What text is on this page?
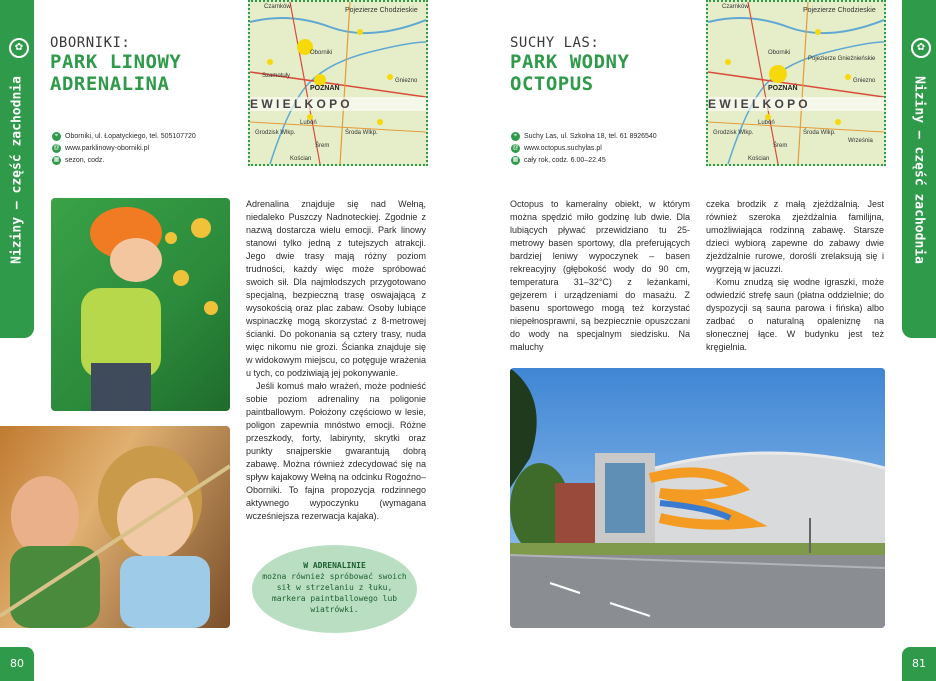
✿
Niziny – część zachodnia
80
OBORNIKI:
PARK LINOWY
ADRENALINA
⌖ Oborniki, ul. Łopatyckiego, tel. 505107720
@ www.parklinowy-oborniki.pl
▦ sezon, codz.
Czarnków	Pojezierze Chodzieskie
Oborniki
Szamotuły
POZNAŃ
Gniezno
E W I E L K O P O
Luboń
Grodzisk Wlkp.	Środa Wlkp.
Śrem
Kościan

Adrenalina znajduje się nad Wełną, niedaleko Puszczy Nadnoteckiej. Zgodnie z nazwą dostarcza wielu emocji. Park linowy stanowi tylko jedną z tutejszych atrakcji. Jego dwie trasy mają różny poziom trudności, każdy więc może spróbować swoich sił. Dla najmłodszych przygotowano specjalną, bezpieczną trasę oswajającą z wysokością oraz plac zabaw. Osoby lubiące wspinaczkę mogą skorzystać z 8-metrowej ścianki. Do pokonania są cztery trasy, nuda więc nikomu nie grozi. Ścianka znajduje się w widokowym miejscu, co potęguje wrażenia u tych, co podziwiają jej pokonywanie.

Jeśli komuś mało wrażeń, może podnieść sobie poziom adrenaliny na poligonie paintballowym. Położony częściowo w lesie, poligon zapewnia mnóstwo emocji. Różne przeszkody, forty, labirynty, skrytki oraz punkty snajperskie gwarantują dobrą zabawę. Można również zdecydować się na spływ kajakowy Wełną na odcinku Rogoźno–Oborniki. To fajna propozycja rodzinnego aktywnego wypoczynku (wymagana wcześniejsza rezerwacja kajaka).

W ADRENALINIE
można również spróbować swoich sił w strzelaniu z łuku, markera paintballowego lub wiatrówki.
✿
Niziny – część zachodnia
81
SUCHY LAS:
PARK WODNY
OCTOPUS
⌖ Suchy Las, ul. Szkolna 18, tel. 61 8926540
@ www.octopus.suchylas.pl
▦ cały rok, codz. 6.00–22.45
Czarnków	Pojezierze Chodzieskie
Oborniki
Pojezierze Gnieźnieńskie
POZNAŃ
Gniezno
E W I E L K O P O
Luboń
Grodzisk Wlkp.	Środa Wlkp.
Września
Śrem
Kościan

Octopus to kameralny obiekt, w którym można spędzić miło godzinę lub dwie. Dla lubiących pływać przewidziano tu 25-metrowy basen sportowy, dla preferujących bardziej leniwy wypoczynek – basen rekreacyjny (głębokość wody do 90 cm, temperatura 31–32°C) z leżankami, gejzerem i urządzeniami do masażu. Z basenu sportowego mogą też korzystać niepełnosprawni, są bezpiecznie opuszczani do wody na specjalnym siedzisku. Na maluchy

czeka brodzik z małą zjeżdżalnią. Jest również szeroka zjeżdżalnia familijna, umożliwiająca rodzinną zabawę. Starsze dzieci wybiorą zapewne do zabawy dwie zjeżdżalnie rurowe, dorośli zrelaksują się i wygrzeją w jacuzzi.

Komu znudzą się wodne igraszki, może odwiedzić strefę saun (płatna oddzielnie; do dyspozycji są sauna parowa i fińska) albo zadbać o naturalną opaleniznę na słonecznej łące. W budynku jest też kręgielnia.
